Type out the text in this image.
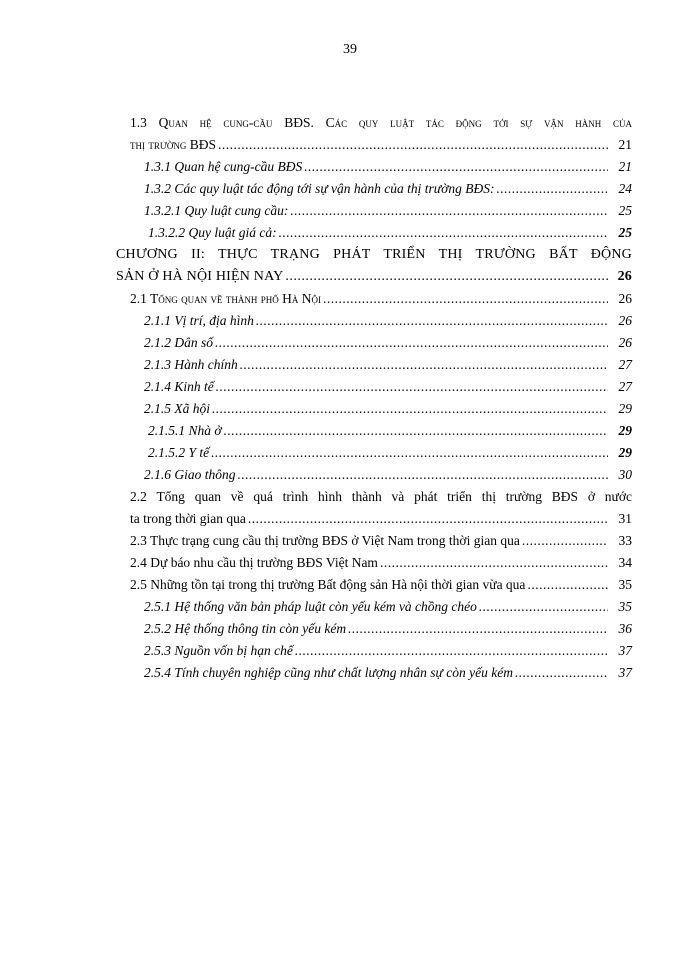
39
1.3 Quan hệ cung-cầu BĐS. Các quy luật tác động tới sự vận hành của
thị trường BĐS .....	21
1.3.1 Quan hệ cung-cầu BĐS .....	21
1.3.2 Các quy luật tác động tới sự vận hành của thị trường BĐS: .....	24
1.3.2.1 Quy luật cung cầu: .....	25
1.3.2.2 Quy luật giá cả: .....	25
CHƯƠNG II: THỰC TRẠNG PHÁT TRIỂN THỊ TRƯỜNG BẤT ĐỘNG
SẢN Ở HÀ NỘI HIỆN NAY .....	26
2.1 Tổng quan về thành phố Hà Nội .....	26
2.1.1 Vị trí, địa hình .....	26
2.1.2 Dân số .....	26
2.1.3 Hành chính .....	27
2.1.4 Kinh tế .....	27
2.1.5 Xã hội .....	29
2.1.5.1 Nhà ở .....	29
2.1.5.2 Y tế .....	29
2.1.6 Giao thông .....	30
2.2 Tổng quan về quá trình hình thành và phát triển thị trường BĐS ở nước
ta trong thời gian qua .....	31
2.3 Thực trạng cung cầu thị trường BĐS ở Việt Nam trong thời gian qua .....	33
2.4 Dự báo nhu cầu thị trường BĐS Việt Nam .....	34
2.5 Những tồn tại trong thị trường Bất động sản Hà nội thời gian vừa qua .....	35
2.5.1 Hệ thống văn bản pháp luật còn yếu kém và chồng chéo .....	35
2.5.2 Hệ thống thông tin còn yếu kém .....	36
2.5.3 Nguồn vốn bị hạn chế .....	37
2.5.4 Tính chuyên nghiệp cũng như chất lượng nhân sự còn yếu kém .....	37
